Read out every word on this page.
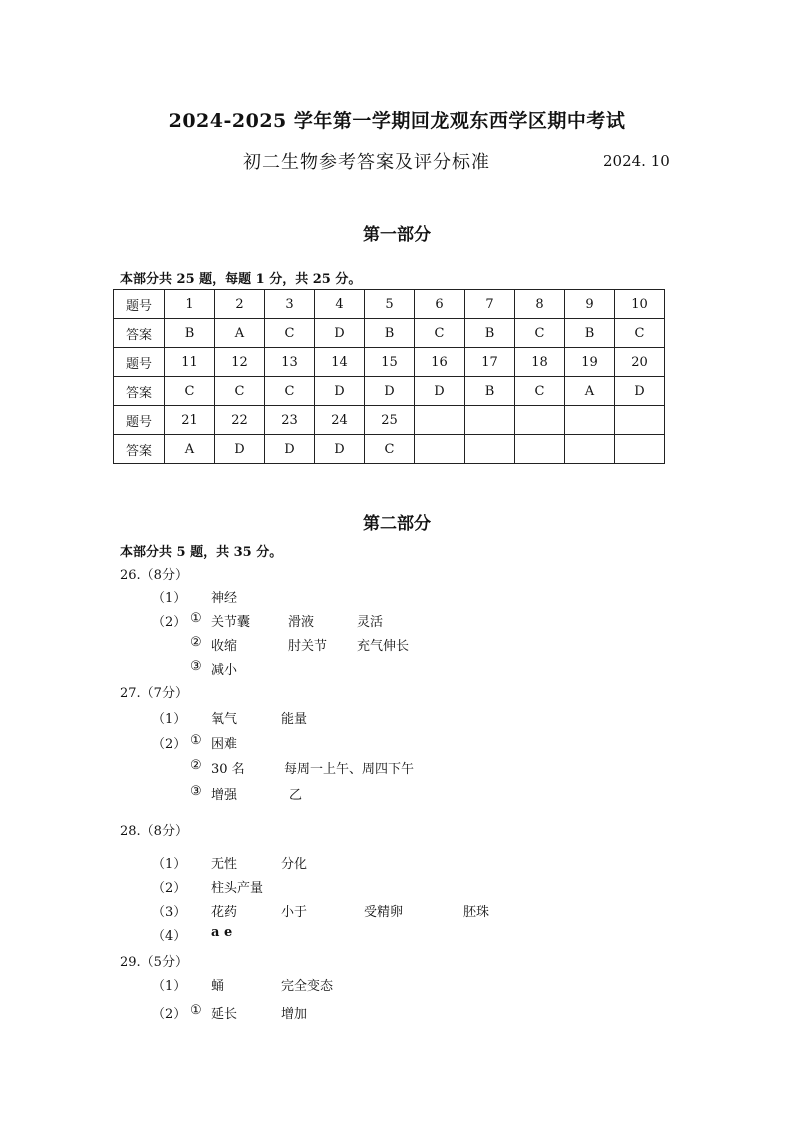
2024-2025 学年第一学期回龙观东西学区期中考试
初二生物参考答案及评分标准	2024. 10
第一部分
本部分共 25 题，每题 1 分，共 25 分。
题号	1	2	3	4	5	6	7	8	9	10
答案	B	A	C	D	B	C	B	C	B	C
题号	11	12	13	14	15	16	17	18	19	20
答案	C	C	C	D	D	D	B	C	A	D
题号	21	22	23	24	25					
答案	A	D	D	D	C					
第二部分
本部分共 5 题，共 35 分。
26.（8分）
（1） 神经
（2） ① 关节囊	滑液	灵活
② 收缩	肘关节 充气伸长
③ 减小
27.（7分）
（1） 氧气	能量
（2） ① 困难
② 30 名	每周一上午、周四下午
③ 增强	乙
28.（8分）
（1） 无性	分化
（2） 柱头产量
（3） 花药	小于	受精卵	胚珠
（4） a e
29.（5分）
（1） 蛹	完全变态
（2） ① 延长	增加
